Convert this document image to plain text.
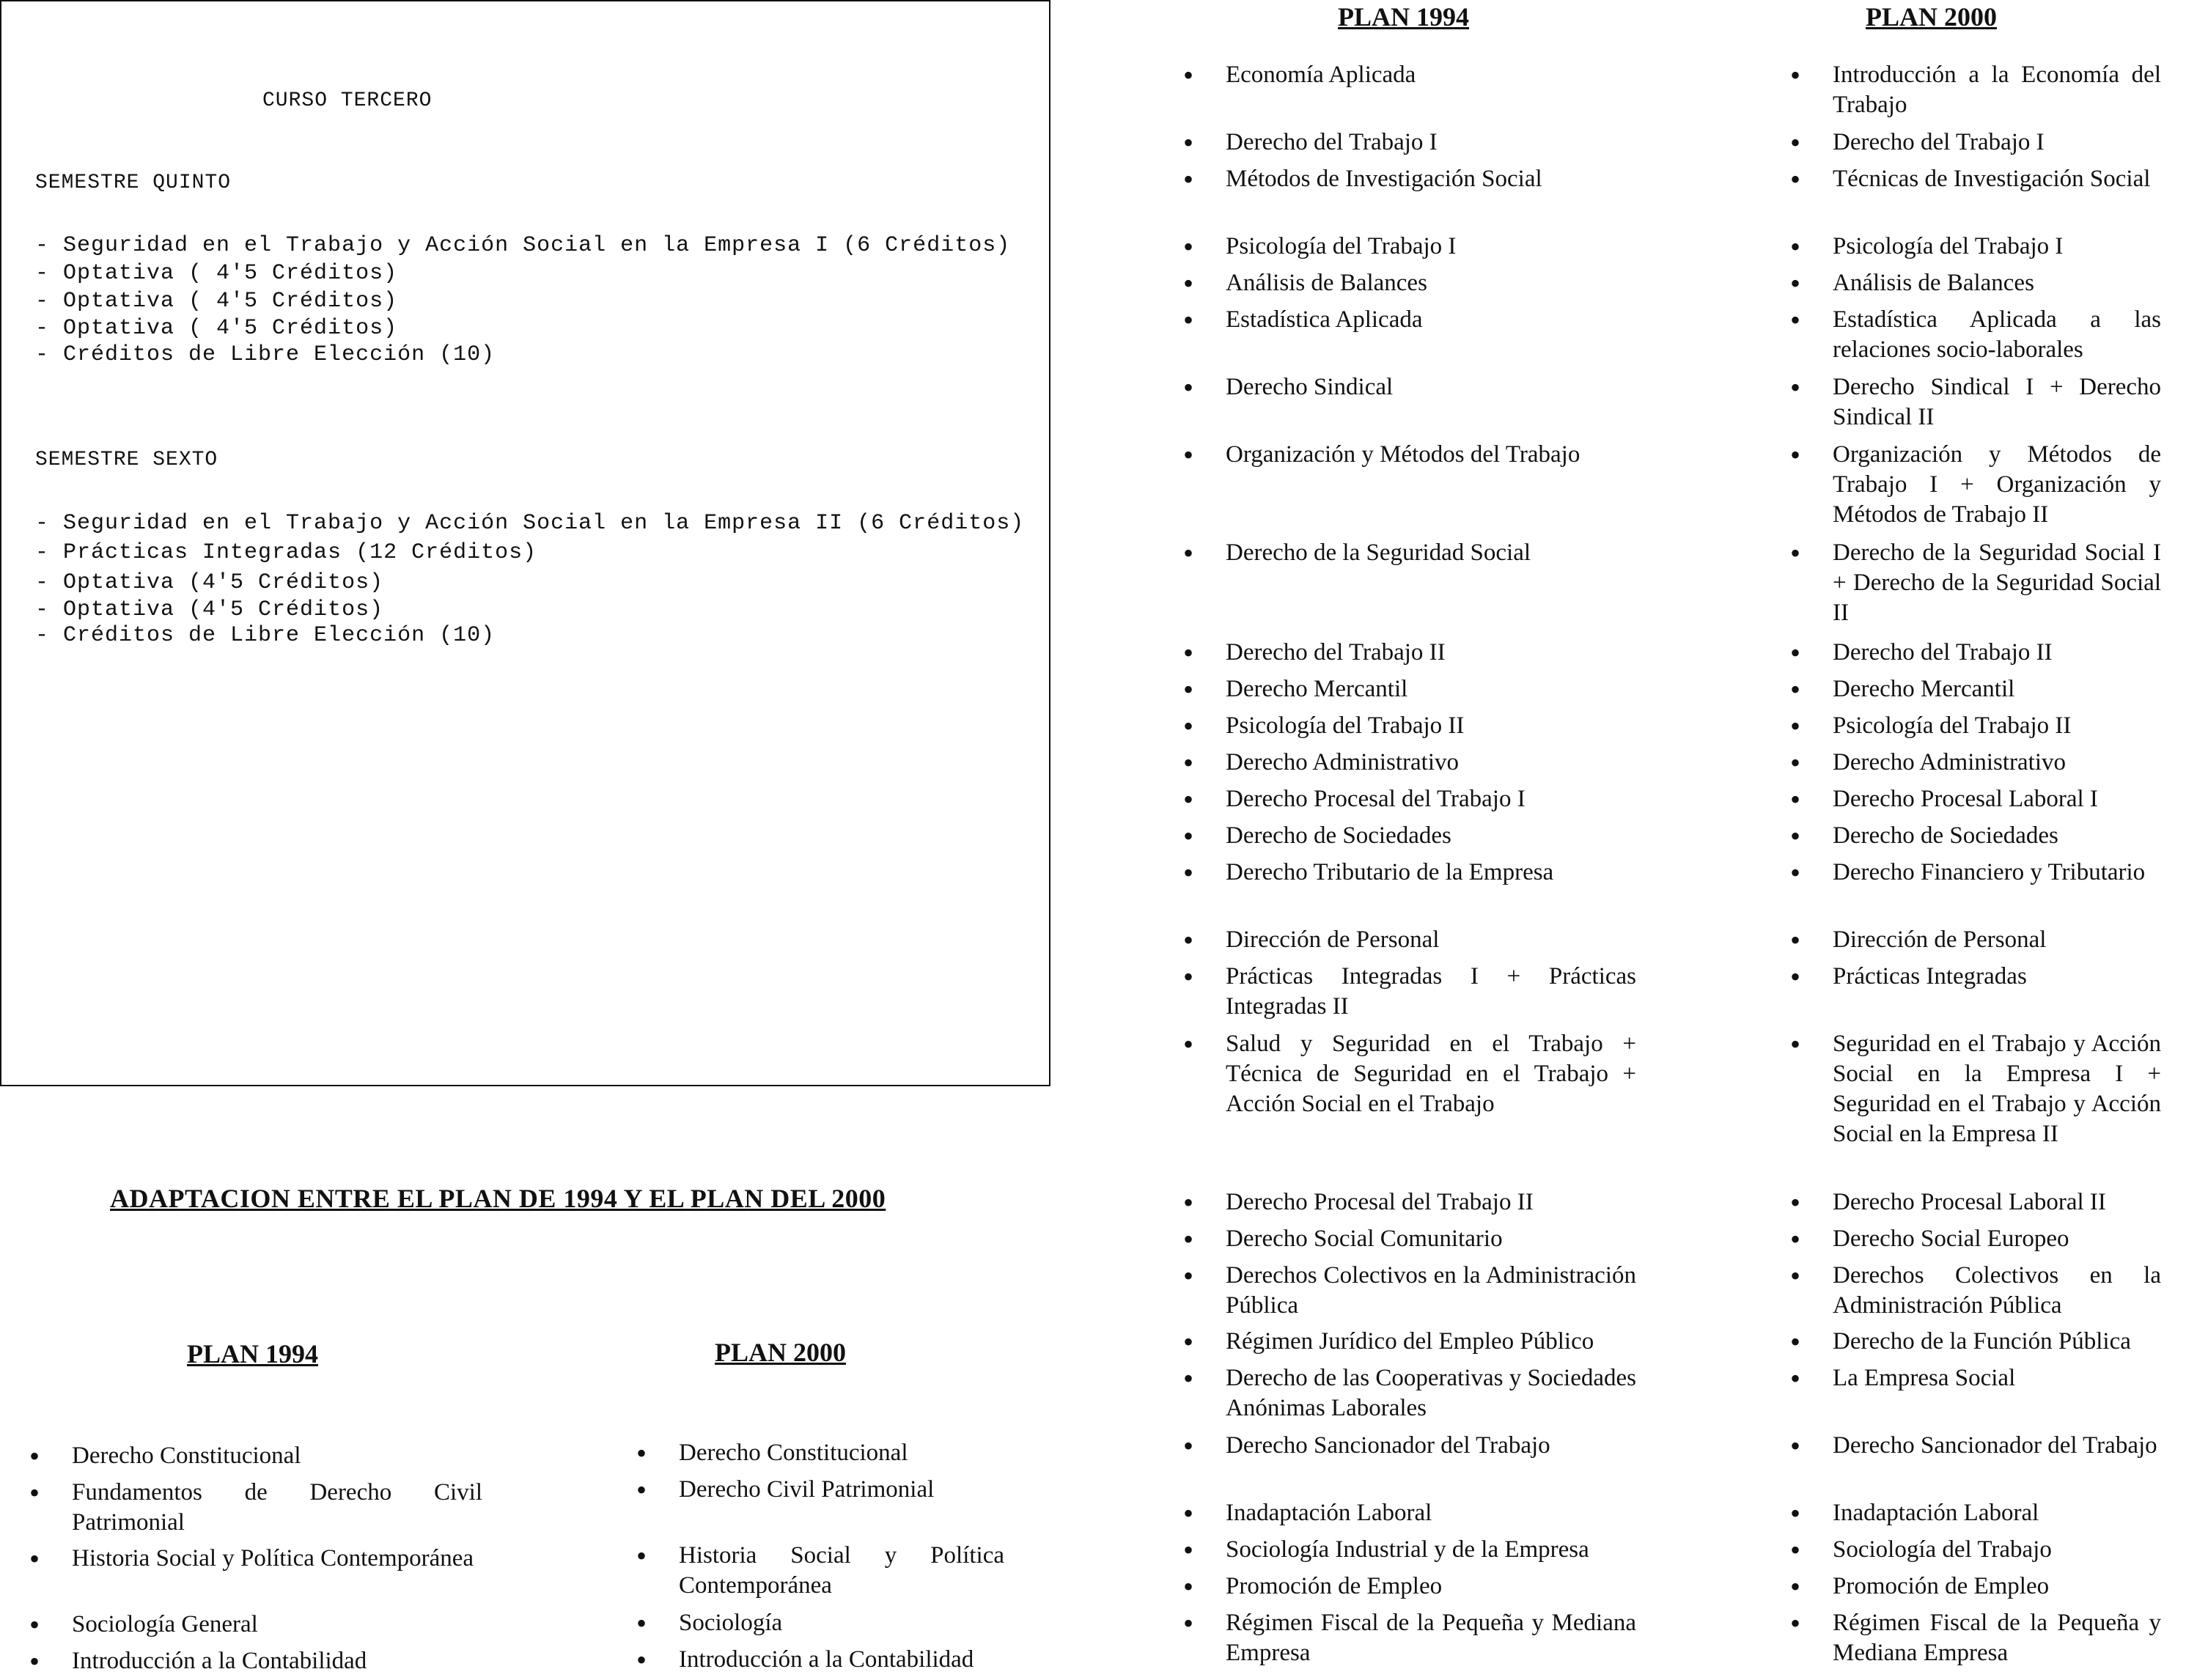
CURSO TERCERO
SEMESTRE QUINTO
- Seguridad en el Trabajo y Acción Social en la Empresa I (6 Créditos)
- Optativa ( 4'5 Créditos)
- Optativa ( 4'5 Créditos)
- Optativa ( 4'5 Créditos)
- Créditos de Libre Elección (10)
SEMESTRE SEXTO
- Seguridad en el Trabajo y Acción Social en la Empresa II (6 Créditos)
- Prácticas Integradas (12 Créditos)
- Optativa (4'5 Créditos)
- Optativa (4'5 Créditos)
- Créditos de Libre Elección (10)
ADAPTACION ENTRE EL PLAN DE 1994 Y EL PLAN DEL 2000
PLAN 1994	PLAN 2000
PLAN 1994	PLAN 2000
• Derecho Constitucional
• Fundamentos de Derecho Civil Patrimonial
• Historia Social y Política Contemporánea
• Sociología General
• Introducción a la Contabilidad
• Derecho Constitucional
• Derecho Civil Patrimonial
• Historia Social y Política Contemporánea
• Sociología
• Introducción a la Contabilidad
• Economía Aplicada
• Derecho del Trabajo I
• Métodos de Investigación Social
• Psicología del Trabajo I
• Análisis de Balances
• Estadística Aplicada
• Derecho Sindical
• Organización y Métodos del Trabajo
• Derecho de la Seguridad Social
• Derecho del Trabajo II
• Derecho Mercantil
• Psicología del Trabajo II
• Derecho Administrativo
• Derecho Procesal del Trabajo I
• Derecho de Sociedades
• Derecho Tributario de la Empresa
• Dirección de Personal
• Prácticas Integradas I + Prácticas Integradas II
• Salud y Seguridad en el Trabajo + Técnica de Seguridad en el Trabajo + Acción Social en el Trabajo
• Derecho Procesal del Trabajo II
• Derecho Social Comunitario
• Derechos Colectivos en la Administración Pública
• Régimen Jurídico del Empleo Público
• Derecho de las Cooperativas y Sociedades Anónimas Laborales
• Derecho Sancionador del Trabajo
• Inadaptación Laboral
• Sociología Industrial y de la Empresa
• Promoción de Empleo
• Régimen Fiscal de la Pequeña y Mediana Empresa
• Introducción a la Economía del Trabajo
• Derecho del Trabajo I
• Técnicas de Investigación Social
• Psicología del Trabajo I
• Análisis de Balances
• Estadística Aplicada a las relaciones socio-laborales
• Derecho Sindical I + Derecho Sindical II
• Organización y Métodos de Trabajo I + Organización y Métodos de Trabajo II
• Derecho de la Seguridad Social I + Derecho de la Seguridad Social II
• Derecho del Trabajo II
• Derecho Mercantil
• Psicología del Trabajo II
• Derecho Administrativo
• Derecho Procesal Laboral I
• Derecho de Sociedades
• Derecho Financiero y Tributario
• Dirección de Personal
• Prácticas Integradas
• Seguridad en el Trabajo y Acción Social en la Empresa I + Seguridad en el Trabajo y Acción Social en la Empresa II
• Derecho Procesal Laboral II
• Derecho Social Europeo
• Derechos Colectivos en la Administración Pública
• Derecho de la Función Pública
• La Empresa Social
• Derecho Sancionador del Trabajo
• Inadaptación Laboral
• Sociología del Trabajo
• Promoción de Empleo
• Régimen Fiscal de la Pequeña y Mediana Empresa
